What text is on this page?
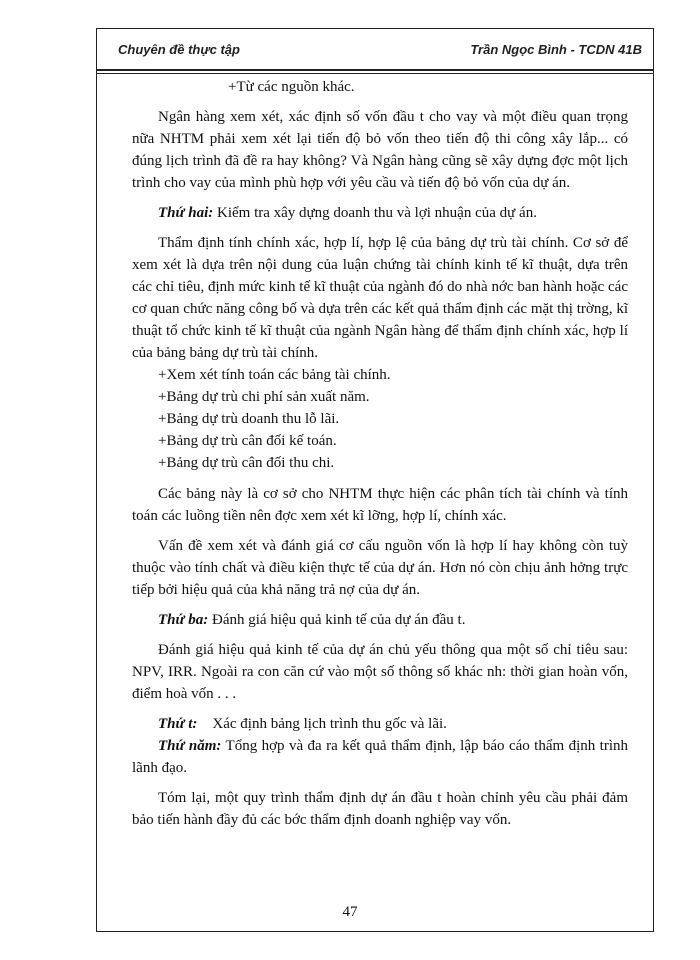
Chuyên đề thực tập	Trần Ngọc Bình - TCDN 41B

+Từ các nguồn khác.

Ngân hàng xem xét, xác định số vốn đầu t cho vay và một điều quan trọng nữa NHTM phải xem xét lại tiến độ bỏ vốn theo tiến độ thi công xây lắp... có đúng lịch trình đã đề ra hay không? Và Ngân hàng cũng sẽ xây dựng đợc một lịch trình cho vay của mình phù hợp với yêu cầu và tiến độ bỏ vốn của dự án.

Thứ hai: Kiểm tra xây dựng doanh thu và lợi nhuận của dự án.

Thẩm định tính chính xác, hợp lí, hợp lệ của bảng dự trù tài chính. Cơ sở để xem xét là dựa trên nội dung của luận chứng tài chính kinh tế kĩ thuật, dựa trên các chỉ tiêu, định mức kinh tế kĩ thuật của ngành đó do nhà nớc ban hành hoặc các cơ quan chức năng công bố và dựa trên các kết quả thẩm định các mặt thị trờng, kĩ thuật tổ chức kinh tế kĩ thuật của ngành Ngân hàng để thẩm định chính xác, hợp lí của bảng bảng dự trù tài chính.

+Xem xét tính toán các bảng tài chính.

+Bảng dự trù chi phí sản xuất năm.

+Bảng dự trù doanh thu lỗ lãi.

+Bảng dự trù cân đối kế toán.

+Bảng dự trù cân đối thu chi.

Các bảng này là cơ sở cho NHTM thực hiện các phân tích tài chính và tính toán các luồng tiền nên đợc xem xét kĩ lỡng, hợp lí, chính xác.

Vấn đề xem xét và đánh giá cơ cấu nguồn vốn là hợp lí hay không còn tuỳ thuộc vào tính chất và điều kiện thực tế của dự án. Hơn nó còn chịu ảnh hởng trực tiếp bởi hiệu quả của khả năng trả nợ của dự án.

Thứ ba: Đánh giá hiệu quả kinh tế của dự án đầu t.

Đánh giá hiệu quả kinh tế của dự án chủ yếu thông qua một số chỉ tiêu sau: NPV, IRR. Ngoài ra con căn cứ vào một số thông số khác nh: thời gian hoàn vốn, điểm hoà vốn . . .

Thứ t:    Xác định bảng lịch trình thu gốc và lãi.

Thứ năm: Tổng hợp và đa ra kết quả thẩm định, lập báo cáo thẩm định trình lãnh đạo.

Tóm lại, một quy trình thẩm định dự án đầu t hoàn chỉnh yêu cầu phải đảm bảo tiến hành đầy đủ các bớc thẩm định doanh nghiệp vay vốn.

47
